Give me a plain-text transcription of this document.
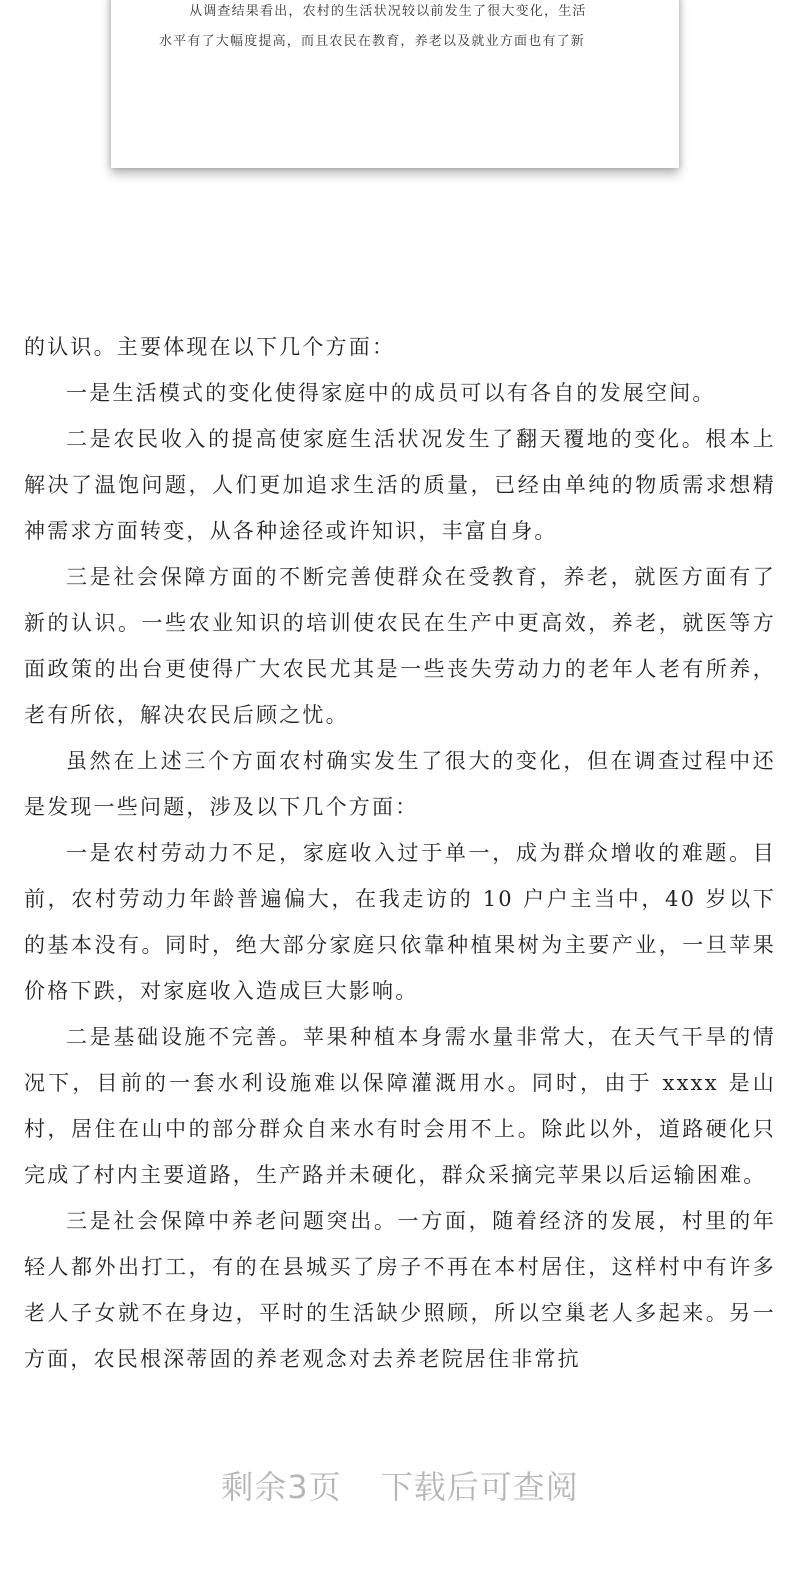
从调查结果看出，农村的生活状况较以前发生了很大变化，生活
水平有了大幅度提高，而且农民在教育，养老以及就业方面也有了新

的认识。主要体现在以下几个方面：

一是生活模式的变化使得家庭中的成员可以有各自的发展空间。

二是农民收入的提高使家庭生活状况发生了翻天覆地的变化。根本上解决了温饱问题，人们更加追求生活的质量，已经由单纯的物质需求想精神需求方面转变，从各种途径或许知识，丰富自身。

三是社会保障方面的不断完善使群众在受教育，养老，就医方面有了新的认识。一些农业知识的培训使农民在生产中更高效，养老，就医等方面政策的出台更使得广大农民尤其是一些丧失劳动力的老年人老有所养，老有所依，解决农民后顾之忧。

虽然在上述三个方面农村确实发生了很大的变化，但在调查过程中还是发现一些问题，涉及以下几个方面：

一是农村劳动力不足，家庭收入过于单一，成为群众增收的难题。目前，农村劳动力年龄普遍偏大，在我走访的 10 户户主当中，40 岁以下的基本没有。同时，绝大部分家庭只依靠种植果树为主要产业，一旦苹果价格下跌，对家庭收入造成巨大影响。

二是基础设施不完善。苹果种植本身需水量非常大，在天气干旱的情况下，目前的一套水利设施难以保障灌溉用水。同时，由于 xxxx 是山村，居住在山中的部分群众自来水有时会用不上。除此以外，道路硬化只完成了村内主要道路，生产路并未硬化，群众采摘完苹果以后运输困难。

三是社会保障中养老问题突出。一方面，随着经济的发展，村里的年轻人都外出打工，有的在县城买了房子不再在本村居住，这样村中有许多老人子女就不在身边，平时的生活缺少照顾，所以空巢老人多起来。另一方面，农民根深蒂固的养老观念对去养老院居住非常抗

剩余3页 下载后可查阅
